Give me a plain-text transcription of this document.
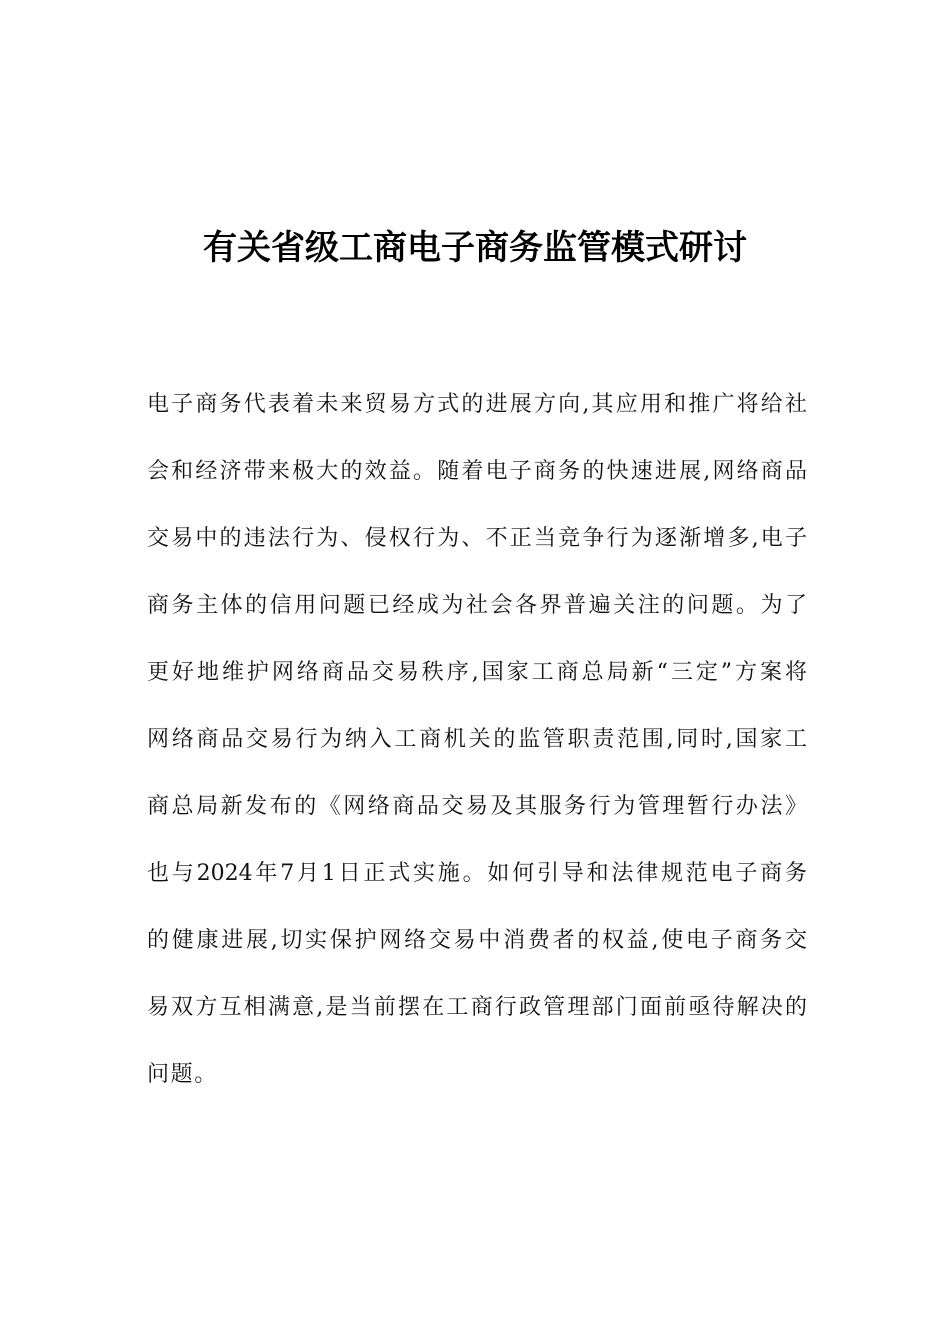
有关省级工商电子商务监管模式研讨
电子商务代表着未来贸易方式的进展方向,其应用和推广将给社
会和经济带来极大的效益。随着电子商务的快速进展,网络商品
交易中的违法行为、侵权行为、不正当竞争行为逐渐增多,电子
商务主体的信用问题已经成为社会各界普遍关注的问题。为了
更好地维护网络商品交易秩序,国家工商总局新“三定”方案将
网络商品交易行为纳入工商机关的监管职责范围,同时,国家工
商总局新发布的《网络商品交易及其服务行为管理暂行办法》
也与2024年7月1日正式实施。如何引导和法律规范电子商务
的健康进展,切实保护网络交易中消费者的权益,使电子商务交
易双方互相满意,是当前摆在工商行政管理部门面前亟待解决的
问题。
